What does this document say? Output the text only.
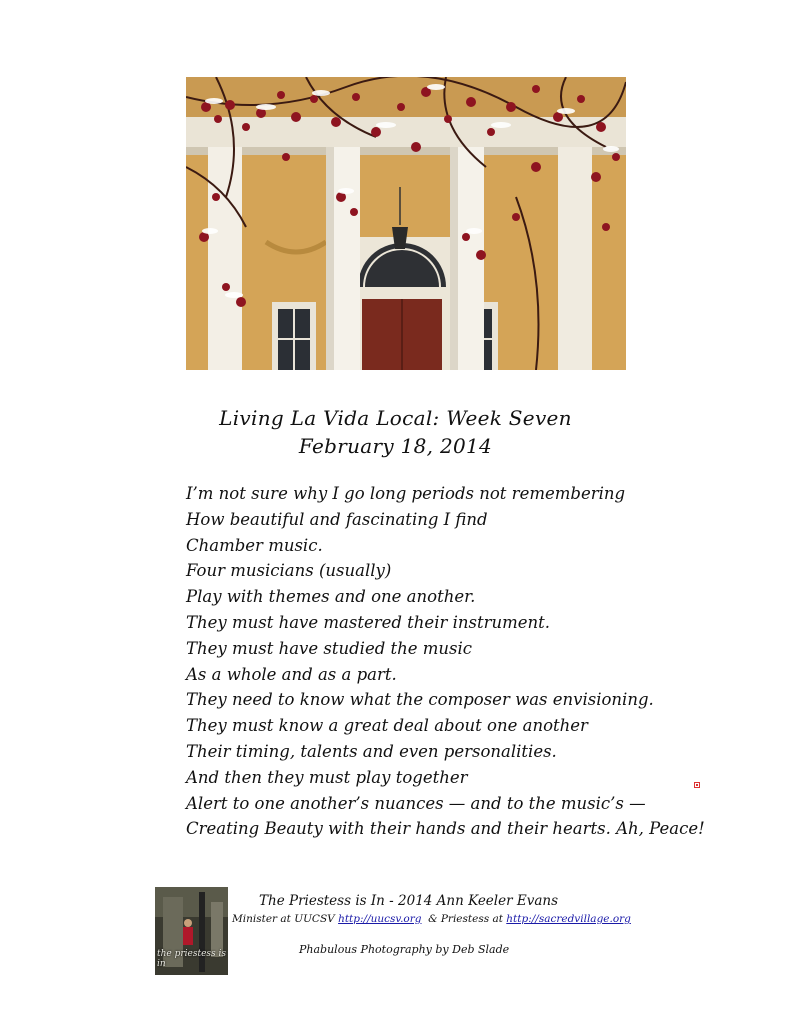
Living La Vida Local: Week Seven
February 18, 2014
I’m not sure why I go long periods not remembering
How beautiful and fascinating I find
Chamber music.
Four musicians (usually)
Play with themes and one another.
They must have mastered their instrument.
They must have studied the music
As a whole and as a part.
They need to know what the composer was envisioning.
They must know a great deal about one another
Their timing, talents and even personalities.
And then they must play together
Alert to one another’s nuances — and to the music’s —
Creating Beauty with their hands and their hearts. Ah, Peace!
the priestess is in
The Priestess is In - 2014 Ann Keeler Evans
Minister at UUCSV http://uucsv.org  & Priestess at http://sacredvillage.org
Phabulous Photography by Deb Slade
